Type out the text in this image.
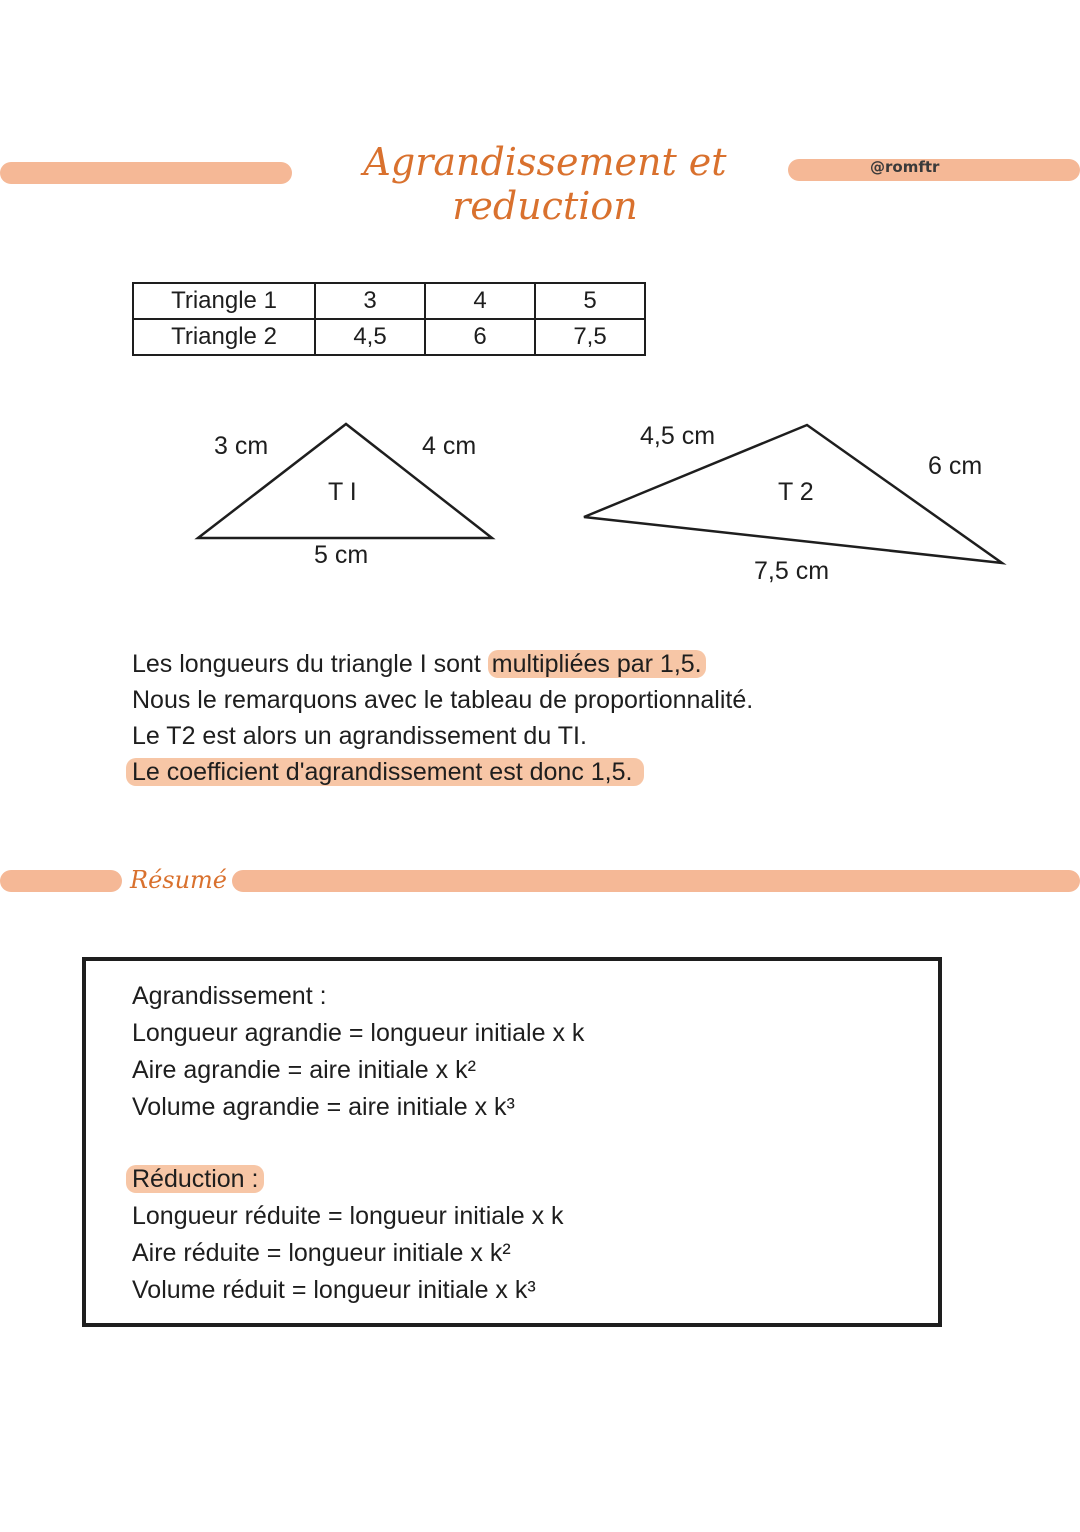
Agrandissement et reduction
@romftr
Triangle 1	3	4	5
Triangle 2	4,5	6	7,5
3 cm	4 cm
T I
5 cm
4,5 cm
6 cm
T 2
7,5 cm
Les longueurs du triangle I sont multipliées par 1,5.
Nous le remarquons avec le tableau de proportionnalité.
Le T2 est alors un agrandissement du TI.
Le coefficient d'agrandissement est donc 1,5.
Résumé
Agrandissement :
Longueur agrandie = longueur initiale x k
Aire agrandie = aire initiale x k²
Volume agrandie = aire initiale x k³
Réduction :
Longueur réduite = longueur initiale x k
Aire réduite = longueur initiale x k²
Volume réduit = longueur initiale x k³
